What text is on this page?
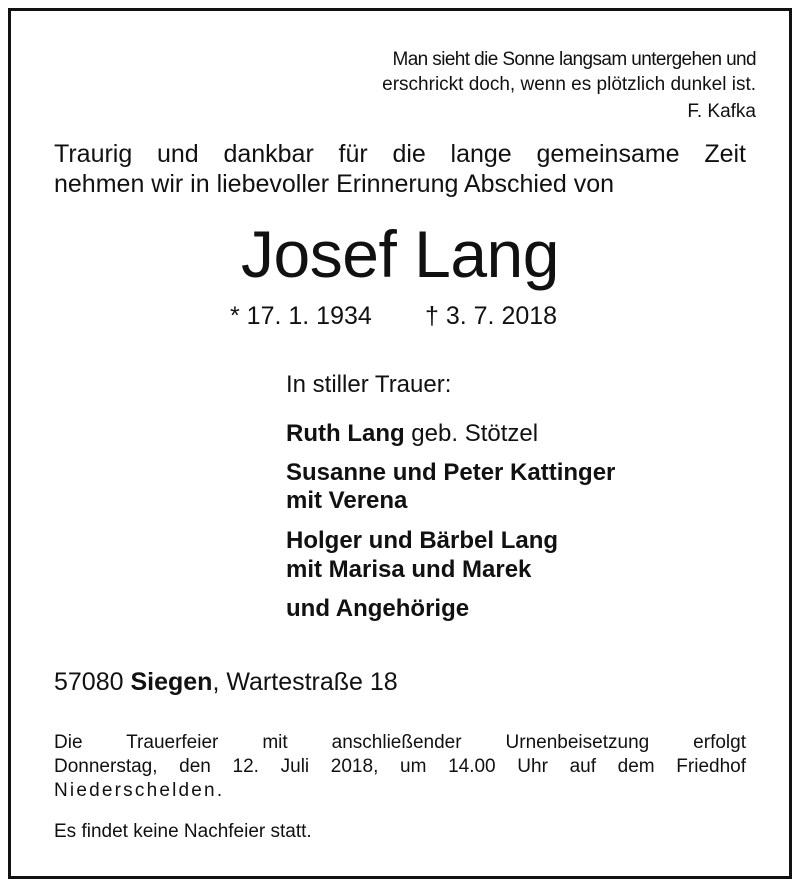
Man sieht die Sonne langsam untergehen und
erschrickt doch, wenn es plötzlich dunkel ist.
F. Kafka
Traurig und dankbar für die lange gemeinsame Zeit
nehmen wir in liebevoller Erinnerung Abschied von
Josef Lang
* 17. 1. 1934 † 3. 7. 2018
In stiller Trauer:
Ruth Lang geb. Stötzel
Susanne und Peter Kattinger
mit Verena
Holger und Bärbel Lang
mit Marisa und Marek
und Angehörige
57080 Siegen, Wartestraße 18
Die Trauerfeier mit anschließender Urnenbeisetzung erfolgt
Donnerstag, den 12. Juli 2018, um 14.00 Uhr auf dem Friedhof
Niederschelden.
Es findet keine Nachfeier statt.
